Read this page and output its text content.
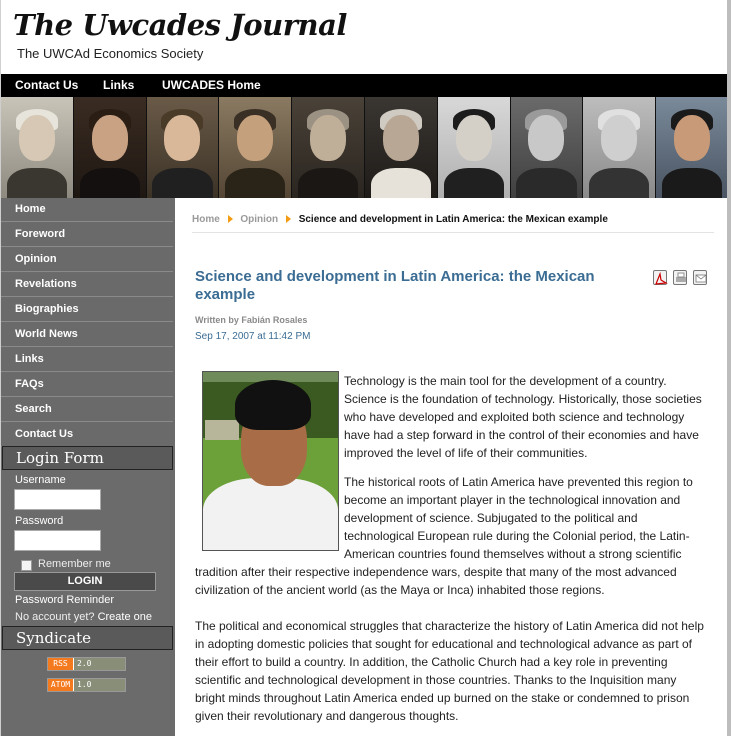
The Uwcades Journal
The UWCAd Economics Society
Contact Us Links UWCADES Home
Home
Foreword
Opinion
Revelations
Biographies
World News
Links
FAQs
Search
Contact Us
Login Form
Username
Password
Remember me
LOGIN
Password Reminder
No account yet? Create one
Syndicate
RSS	2.0
ATOM 1.0
Home Opinion Science and development in Latin America: the Mexican example
Science and development in Latin America: the Mexican example
Written by Fabián Rosales
Sep 17, 2007 at 11:42 PM
Technology is the main tool for the development of a country. Science is the foundation of technology. Historically, those societies who have developed and exploited both science and technology have had a step forward in the control of their economies and have improved the level of life of their communities.
The historical roots of Latin America have prevented this region to become an important player in the technological innovation and development of science. Subjugated to the political and technological European rule during the Colonial period, the Latin-American countries found themselves without a strong scientific tradition after their respective independence wars, despite that many of the most advanced civilization of the ancient world (as the Maya or Inca) inhabited those regions.
The political and economical struggles that characterize the history of Latin America did not help in adopting domestic policies that sought for educational and technological advance as part of their effort to build a country. In addition, the Catholic Church had a key role in preventing scientific and technological development in those countries. Thanks to the Inquisition many bright minds throughout Latin America ended up burned on the stake or condemned to prison given their revolutionary and dangerous thoughts.
